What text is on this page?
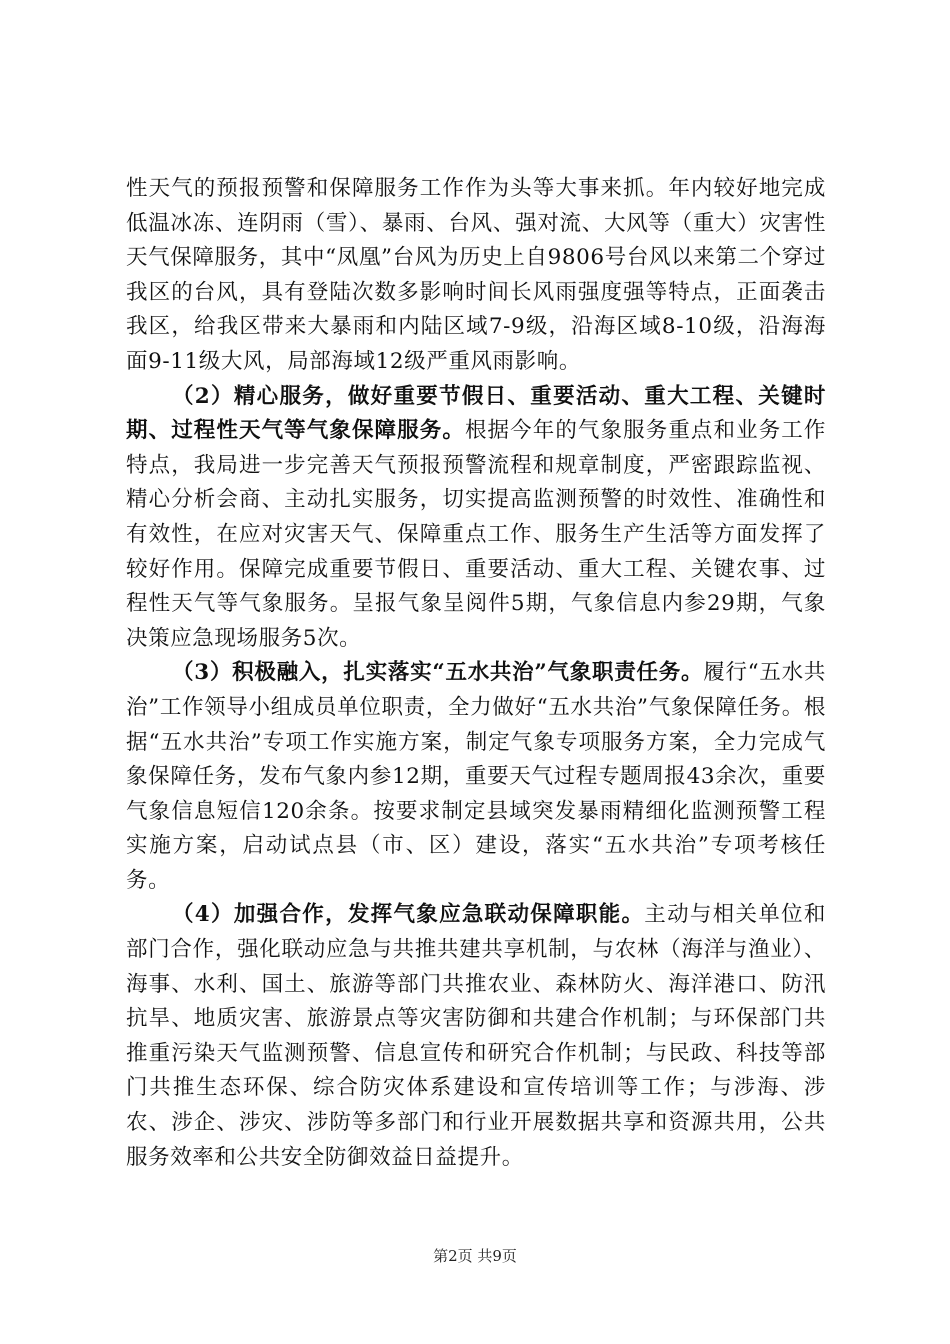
性天气的预报预警和保障服务工作作为头等大事来抓。年内较好地完成低温冰冻、连阴雨（雪）、暴雨、台风、强对流、大风等（重大）灾害性天气保障服务，其中“凤凰”台风为历史上自9806号台风以来第二个穿过我区的台风，具有登陆次数多影响时间长风雨强度强等特点，正面袭击我区，给我区带来大暴雨和内陆区域7-9级，沿海区域8-10级，沿海海面9-11级大风，局部海域12级严重风雨影响。

（2）精心服务，做好重要节假日、重要活动、重大工程、关键时期、过程性天气等气象保障服务。根据今年的气象服务重点和业务工作特点，我局进一步完善天气预报预警流程和规章制度，严密跟踪监视、精心分析会商、主动扎实服务，切实提高监测预警的时效性、准确性和有效性，在应对灾害天气、保障重点工作、服务生产生活等方面发挥了较好作用。保障完成重要节假日、重要活动、重大工程、关键农事、过程性天气等气象服务。呈报气象呈阅件5期，气象信息内参29期，气象决策应急现场服务5次。

（3）积极融入，扎实落实“五水共治”气象职责任务。履行“五水共治”工作领导小组成员单位职责，全力做好“五水共治”气象保障任务。根据“五水共治”专项工作实施方案，制定气象专项服务方案，全力完成气象保障任务，发布气象内参12期，重要天气过程专题周报43余次，重要气象信息短信120余条。按要求制定县域突发暴雨精细化监测预警工程实施方案，启动试点县（市、区）建设，落实“五水共治”专项考核任务。

（4）加强合作，发挥气象应急联动保障职能。主动与相关单位和部门合作，强化联动应急与共推共建共享机制，与农林（海洋与渔业）、海事、水利、国土、旅游等部门共推农业、森林防火、海洋港口、防汛抗旱、地质灾害、旅游景点等灾害防御和共建合作机制；与环保部门共推重污染天气监测预警、信息宣传和研究合作机制；与民政、科技等部门共推生态环保、综合防灾体系建设和宣传培训等工作；与涉海、涉农、涉企、涉灾、涉防等多部门和行业开展数据共享和资源共用，公共服务效率和公共安全防御效益日益提升。

第2页 共9页
